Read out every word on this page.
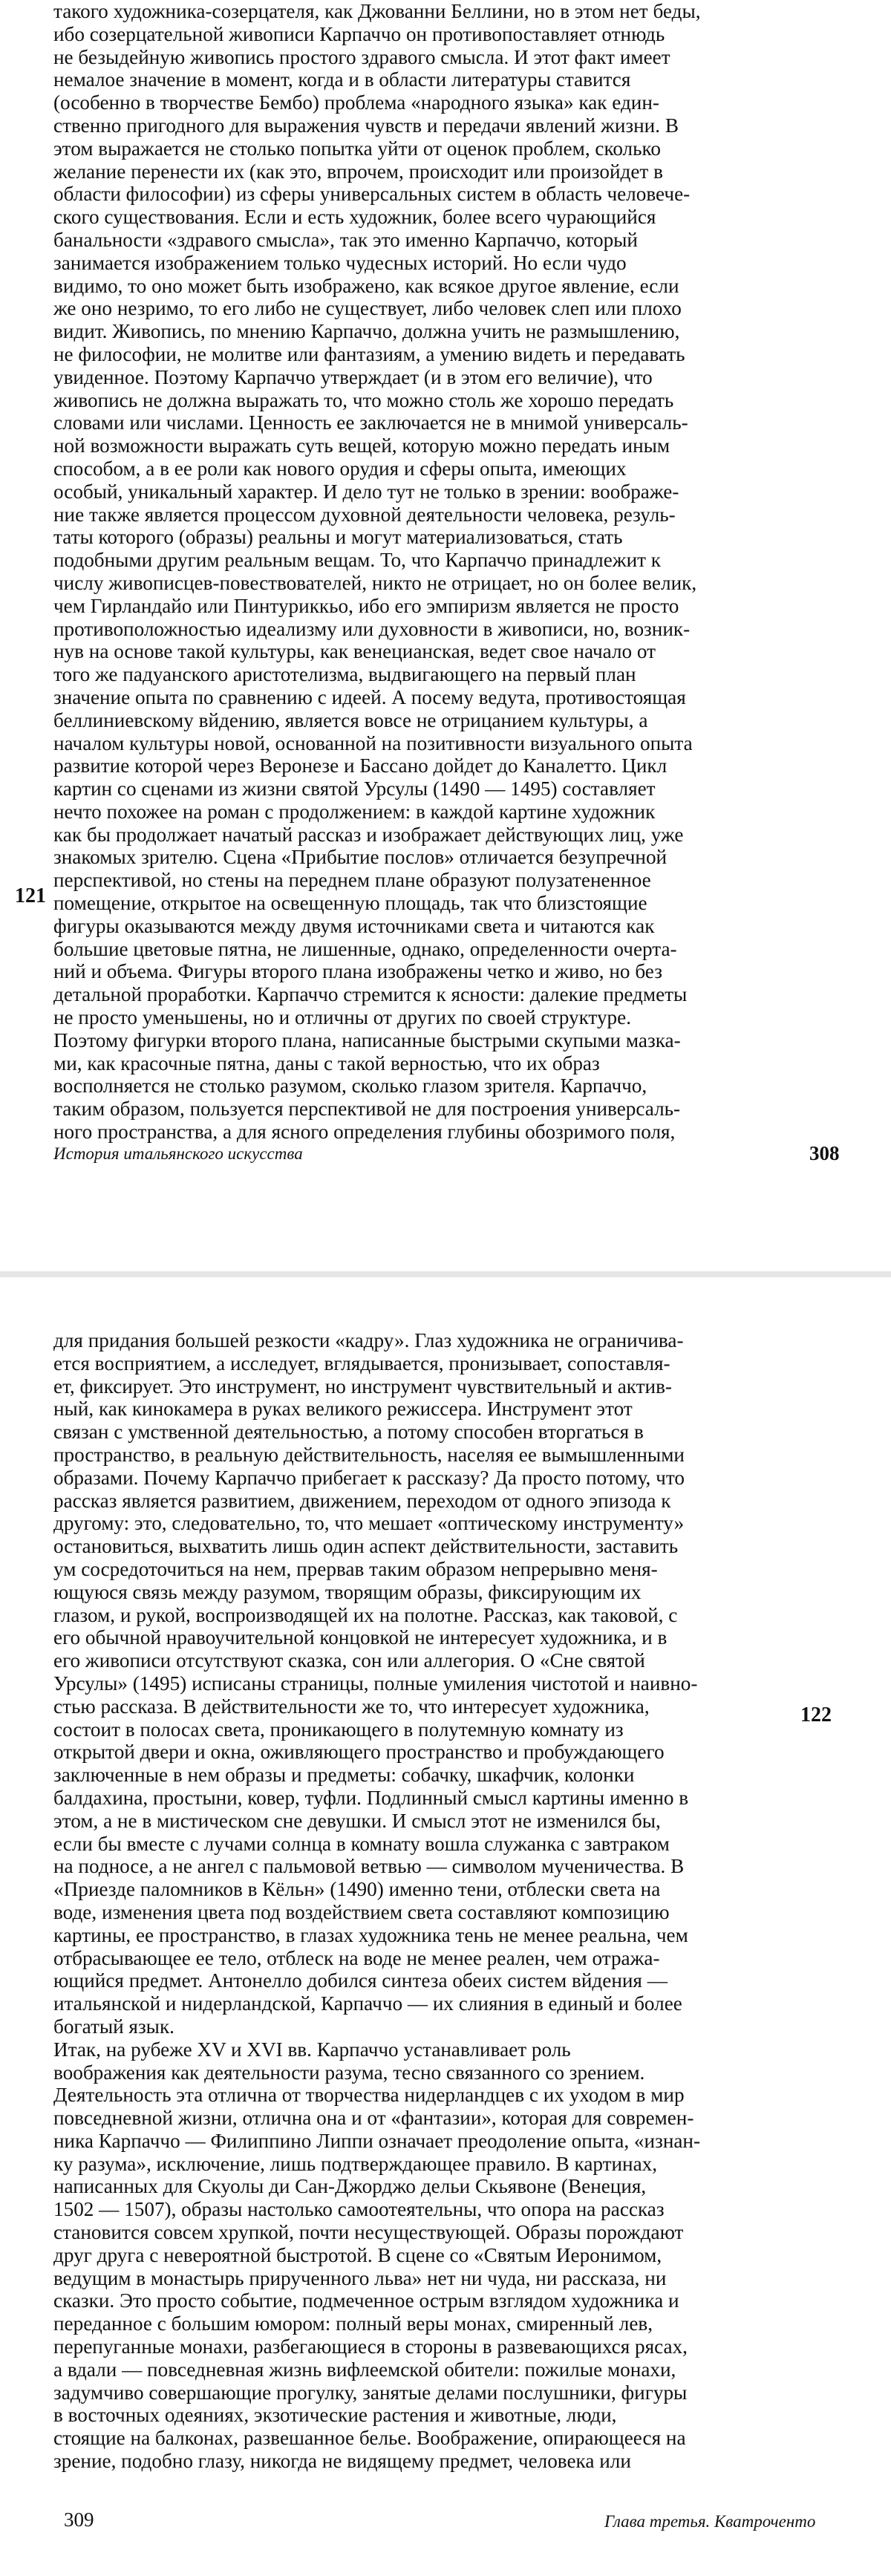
такого художника-созерцателя, как Джованни Беллини, но в этом нет беды,
ибо созерцательной живописи Карпаччо он противопоставляет отнюдь
не безыдейную живопись простого здравого смысла. И этот факт имеет
немалое значение в момент, когда и в области литературы ставится
(особенно в творчестве Бембо) проблема «народного языка» как един-
ственно пригодного для выражения чувств и передачи явлений жизни. В
этом выражается не столько попытка уйти от оценок проблем, сколько
желание перенести их (как это, впрочем, происходит или произойдет в
области философии) из сферы универсальных систем в область человече-
ского существования. Если и есть художник, более всего чурающийся
банальности «здравого смысла», так это именно Карпаччо, который
занимается изображением только чудесных историй. Но если чудо
видимо, то оно может быть изображено, как всякое другое явление, если
же оно незримо, то его либо не существует, либо человек слеп или плохо
видит. Живопись, по мнению Карпаччо, должна учить не размышлению,
не философии, не молитве или фантазиям, а умению видеть и передавать
увиденное. Поэтому Карпаччо утверждает (и в этом его величие), что
живопись не должна выражать то, что можно столь же хорошо передать
словами или числами. Ценность ее заключается не в мнимой универсаль-
ной возможности выражать суть вещей, которую можно передать иным
способом, а в ее роли как нового орудия и сферы опыта, имеющих
особый, уникальный характер. И дело тут не только в зрении: воображе-
ние также является процессом духовной деятельности человека, резуль-
таты которого (образы) реальны и могут материализоваться, стать
подобными другим реальным вещам. То, что Карпаччо принадлежит к
числу живописцев-повествователей, никто не отрицает, но он более велик,
чем Гирландайо или Пинтуриккьо, ибо его эмпиризм является не просто
противоположностью идеализму или духовности в живописи, но, возник-
нув на основе такой культуры, как венецианская, ведет свое начало от
того же падуанского аристотелизма, выдвигающего на первый план
значение опыта по сравнению с идеей. А посему ведута, противостоящая
беллиниевскому вйдению, является вовсе не отрицанием культуры, а
началом культуры новой, основанной на позитивности визуального опыта
развитие которой через Веронезе и Бассано дойдет до Каналетто. Цикл
картин со сценами из жизни святой Урсулы (1490 — 1495) составляет
нечто похожее на роман с продолжением: в каждой картине художник
как бы продолжает начатый рассказ и изображает действующих лиц, уже
знакомых зрителю. Сцена «Прибытие послов» отличается безупречной
перспективой, но стены на переднем плане образуют полузатененное
помещение, открытое на освещенную площадь, так что близстоящие
фигуры оказываются между двумя источниками света и читаются как
большие цветовые пятна, не лишенные, однако, определенности очерта-
ний и объема. Фигуры второго плана изображены четко и живо, но без
детальной проработки. Карпаччо стремится к ясности: далекие предметы
не просто уменьшены, но и отличны от других по своей структуре.
Поэтому фигурки второго плана, написанные быстрыми скупыми мазка-
ми, как красочные пятна, даны с такой верностью, что их образ
восполняется не столько разумом, сколько глазом зрителя. Карпаччо,
таким образом, пользуется перспективой не для построения универсаль-
ного пространства, а для ясного определения глубины обозримого поля,

121
История итальянского искусства	308

для придания большей резкости «кадру». Глаз художника не ограничива-
ется восприятием, а исследует, вглядывается, пронизывает, сопоставля-
ет, фиксирует. Это инструмент, но инструмент чувствительный и актив-
ный, как кинокамера в руках великого режиссера. Инструмент этот
связан с умственной деятельностью, а потому способен вторгаться в
пространство, в реальную действительность, населяя ее вымышленными
образами. Почему Карпаччо прибегает к рассказу? Да просто потому, что
рассказ является развитием, движением, переходом от одного эпизода к
другому: это, следовательно, то, что мешает «оптическому инструменту»
остановиться, выхватить лишь один аспект действительности, заставить
ум сосредоточиться на нем, прервав таким образом непрерывно меня-
ющуюся связь между разумом, творящим образы, фиксирующим их
глазом, и рукой, воспроизводящей их на полотне. Рассказ, как таковой, с
его обычной нравоучительной концовкой не интересует художника, и в
его живописи отсутствуют сказка, сон или аллегория. О «Сне святой
Урсулы» (1495) исписаны страницы, полные умиления чистотой и наивно-
стью рассказа. В действительности же то, что интересует художника,
состоит в полосах света, проникающего в полутемную комнату из
открытой двери и окна, оживляющего пространство и пробуждающего
заключенные в нем образы и предметы: собачку, шкафчик, колонки
балдахина, простыни, ковер, туфли. Подлинный смысл картины именно в
этом, а не в мистическом сне девушки. И смысл этот не изменился бы,
если бы вместе с лучами солнца в комнату вошла служанка с завтраком
на подносе, а не ангел с пальмовой ветвью — символом мученичества. В
«Приезде паломников в Кёльн» (1490) именно тени, отблески света на
воде, изменения цвета под воздействием света составляют композицию
картины, ее пространство, в глазах художника тень не менее реальна, чем
отбрасывающее ее тело, отблеск на воде не менее реален, чем отража-
ющийся предмет. Антонелло добился синтеза обеих систем вйдения —
итальянской и нидерландской, Карпаччо — их слияния в единый и более
богатый язык.
Итак, на рубеже XV и XVI вв. Карпаччо устанавливает роль
воображения как деятельности разума, тесно связанного со зрением.
Деятельность эта отлична от творчества нидерландцев с их уходом в мир
повседневной жизни, отлична она и от «фантазии», которая для современ-
ника Карпаччо — Филиппино Липпи означает преодоление опыта, «изнан-
ку разума», исключение, лишь подтверждающее правило. В картинах,
написанных для Скуолы ди Сан-Джорджо дельи Скьявоне (Венеция,
1502 — 1507), образы настолько самоотеятельны, что опора на рассказ
становится совсем хрупкой, почти несуществующей. Образы порождают
друг друга с невероятной быстротой. В сцене со «Святым Иеронимом,
ведущим в монастырь прирученного льва» нет ни чуда, ни рассказа, ни
сказки. Это просто событие, подмеченное острым взглядом художника и
переданное с большим юмором: полный веры монах, смиренный лев,
перепуганные монахи, разбегающиеся в стороны в развевающихся рясах,
а вдали — повседневная жизнь вифлеемской обители: пожилые монахи,
задумчиво совершающие прогулку, занятые делами послушники, фигуры
в восточных одеяниях, экзотические растения и животные, люди,
стоящие на балконах, развешанное белье. Воображение, опирающееся на
зрение, подобно глазу, никогда не видящему предмет, человека или

122
309	Глава третья. Кватроченто
